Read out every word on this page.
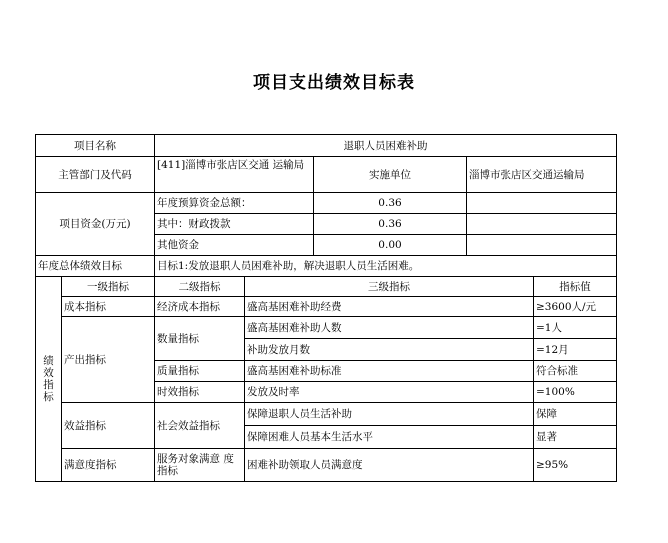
项目支出绩效目标表
项目名称		退职人员困难补助				
主管部门及代码		[411]淄博市张店区交通 运输局		实施单位	淄博市张店区交通运输局	
项目资金(万元)		年度预算资金总额：		0.36		
		其中：财政拨款		0.36		
		其他资金		0.00		
年度总体绩效目标		目标1:发放退职人员困难补助，解决退职人员生活困难。				

绩
效
指
标	一级指标	二级指标	三级指标			指标值
	成本指标	经济成本指标	盛高基困难补助经费			≥3600人/元
	产出指标	数量指标	盛高基困难补助人数			=1人
			补助发放月数			=12月
		质量指标	盛高基困难补助标准			符合标准
		时效指标	发放及时率			=100%
	效益指标	社会效益指标	保障退职人员生活补助			保障
			保障困难人员基本生活水平			显著
	满意度指标	服务对象满意 度指标	困难补助领取人员满意度			≥95%
